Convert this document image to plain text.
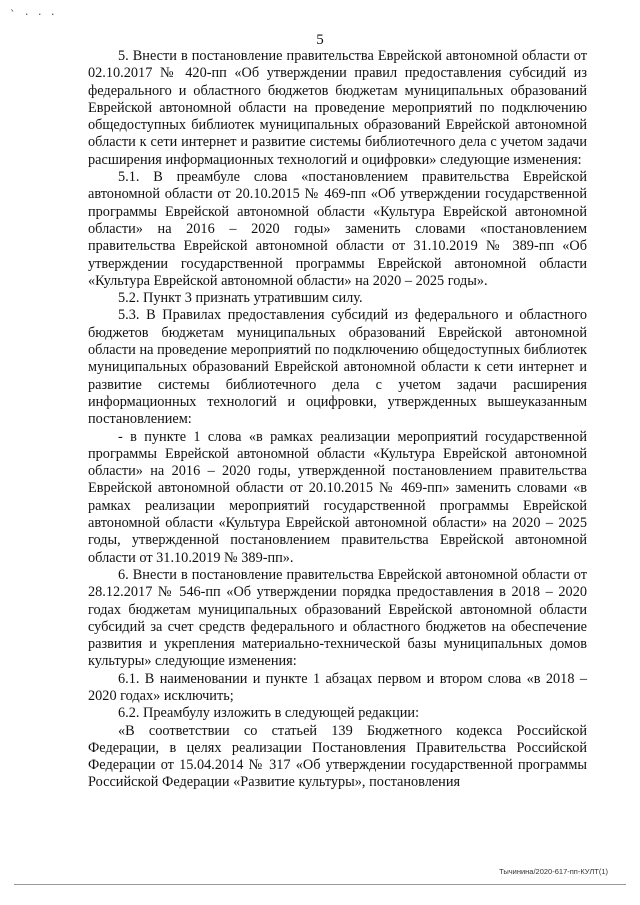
` · · ·
5

5. Внести в постановление правительства Еврейской автономной области от 02.10.2017 № 420-пп «Об утверждении правил предоставления субсидий из федерального и областного бюджетов бюджетам муниципальных образований Еврейской автономной области на проведение мероприятий по подключению общедоступных библиотек муниципальных образований Еврейской автономной области к сети интернет и развитие системы библиотечного дела с учетом задачи расширения информационных технологий и оцифровки» следующие изменения:

5.1. В преамбуле слова «постановлением правительства Еврейской автономной области от 20.10.2015 № 469-пп «Об утверждении государственной программы Еврейской автономной области «Культура Еврейской автономной области» на 2016 – 2020 годы» заменить словами «постановлением правительства Еврейской автономной области от 31.10.2019 № 389-пп «Об утверждении государственной программы Еврейской автономной области «Культура Еврейской автономной области» на 2020 – 2025 годы».

5.2. Пункт 3 признать утратившим силу.

5.3. В Правилах предоставления субсидий из федерального и областного бюджетов бюджетам муниципальных образований Еврейской автономной области на проведение мероприятий по подключению общедоступных библиотек муниципальных образований Еврейской автономной области к сети интернет и развитие системы библиотечного дела с учетом задачи расширения информационных технологий и оцифровки, утвержденных вышеуказанным постановлением:

- в пункте 1 слова «в рамках реализации мероприятий государственной программы Еврейской автономной области «Культура Еврейской автономной области» на 2016 – 2020 годы, утвержденной постановлением правительства Еврейской автономной области от 20.10.2015 № 469-пп» заменить словами «в рамках реализации мероприятий государственной программы Еврейской автономной области «Культура Еврейской автономной области» на 2020 – 2025 годы, утвержденной постановлением правительства Еврейской автономной области от 31.10.2019 № 389-пп».

6. Внести в постановление правительства Еврейской автономной области от 28.12.2017 № 546-пп «Об утверждении порядка предоставления в 2018 – 2020 годах бюджетам муниципальных образований Еврейской автономной области субсидий за счет средств федерального и областного бюджетов на обеспечение развития и укрепления материально-технической базы муниципальных домов культуры» следующие изменения:

6.1. В наименовании и пункте 1 абзацах первом и втором слова «в 2018 – 2020 годах» исключить;

6.2. Преамбулу изложить в следующей редакции:

«В соответствии со статьей 139 Бюджетного кодекса Российской Федерации, в целях реализации Постановления Правительства Российской Федерации от 15.04.2014 № 317 «Об утверждении государственной программы Российской Федерации «Развитие культуры», постановления

Тычинина/2020-617-пп-КУЛТ(1)
